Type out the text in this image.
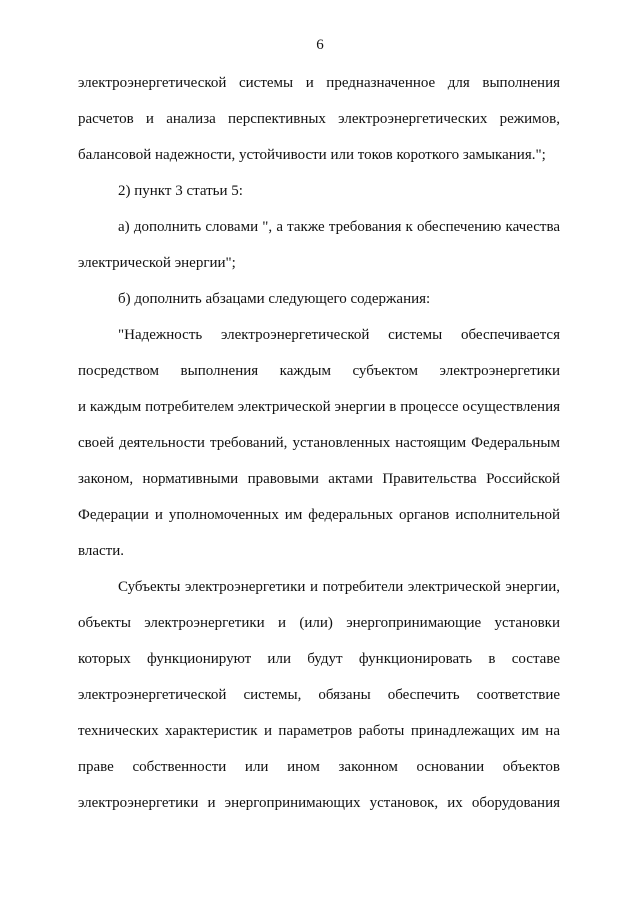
6
электроэнергетической системы и предназначенное для выполнения
расчетов и анализа перспективных электроэнергетических режимов,
балансовой надежности, устойчивости или токов короткого замыкания.";
2) пункт 3 статьи 5:
а) дополнить словами ", а также требования к обеспечению качества
электрической энергии";
б) дополнить абзацами следующего содержания:
"Надежность электроэнергетической системы обеспечивается
посредством выполнения каждым субъектом электроэнергетики
и каждым потребителем электрической энергии в процессе осуществления
своей деятельности требований, установленных настоящим Федеральным
законом, нормативными правовыми актами Правительства Российской
Федерации и уполномоченных им федеральных органов исполнительной
власти.
Субъекты электроэнергетики и потребители электрической энергии,
объекты электроэнергетики и (или) энергопринимающие установки
которых функционируют или будут функционировать в составе
электроэнергетической системы, обязаны обеспечить соответствие
технических характеристик и параметров работы принадлежащих им на
праве собственности или ином законном основании объектов
электроэнергетики и энергопринимающих установок, их оборудования
